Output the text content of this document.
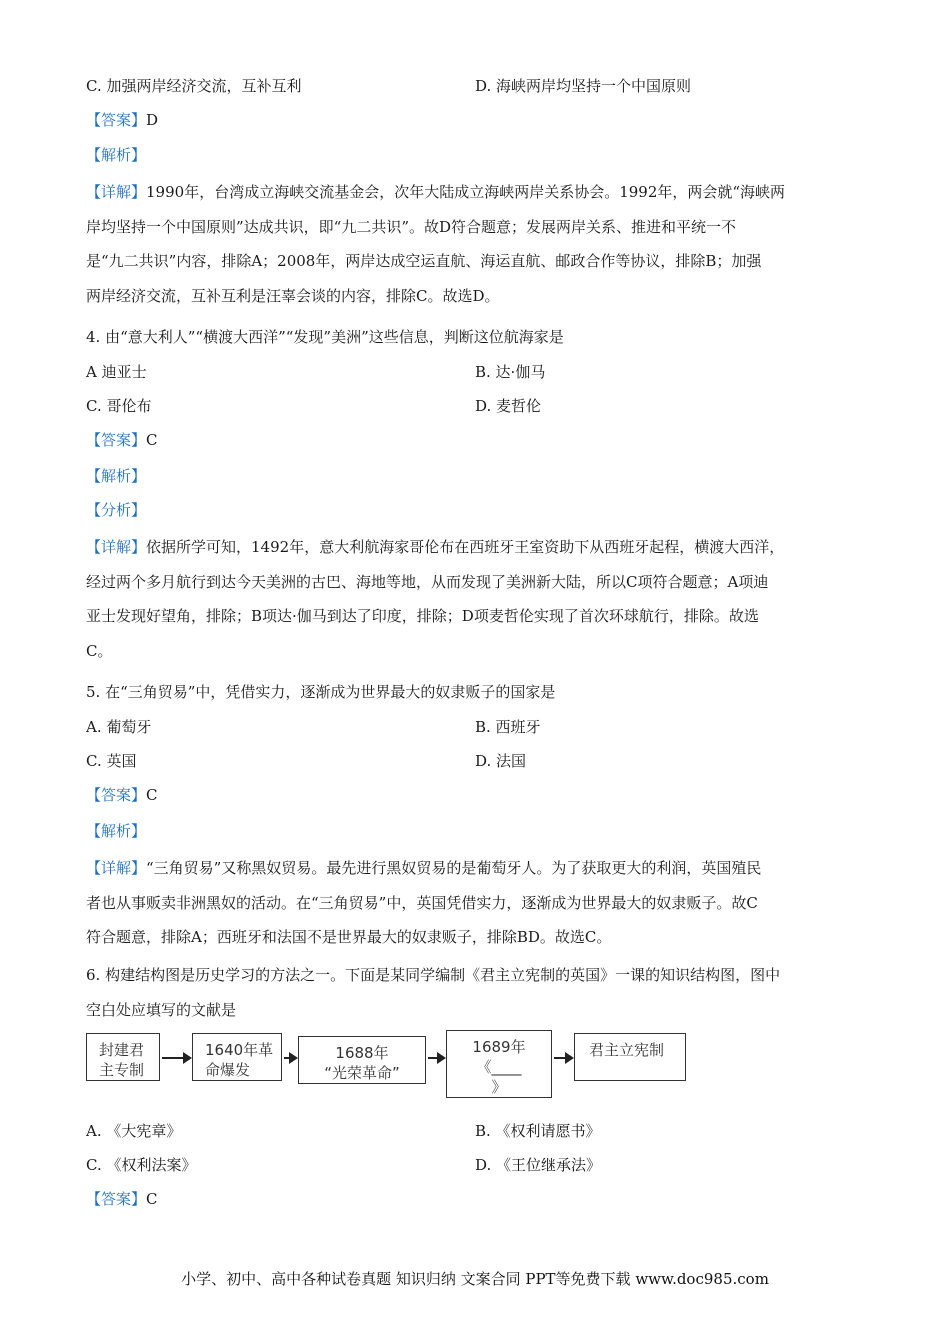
C. 加强两岸经济交流，互补互利	D. 海峡两岸均坚持一个中国原则
【答案】D
【解析】
【详解】1990年，台湾成立海峡交流基金会，次年大陆成立海峡两岸关系协会。1992年，两会就“海峡两
岸均坚持一个中国原则”达成共识，即“九二共识”。故D符合题意；发展两岸关系、推进和平统一不
是“九二共识”内容，排除A；2008年，两岸达成空运直航、海运直航、邮政合作等协议，排除B；加强
两岸经济交流，互补互利是汪辜会谈的内容，排除C。故选D。
4. 由“意大利人”“横渡大西洋”“发现”美洲”这些信息，判断这位航海家是
A 迪亚士	B. 达·伽马
C. 哥伦布	D. 麦哲伦
【答案】C
【解析】
【分析】
【详解】依据所学可知，1492年，意大利航海家哥伦布在西班牙王室资助下从西班牙起程，横渡大西洋，
经过两个多月航行到达今天美洲的古巴、海地等地，从而发现了美洲新大陆，所以C项符合题意；A项迪
亚士发现好望角，排除；B项达·伽马到达了印度，排除；D项麦哲伦实现了首次环球航行，排除。故选
C。
5. 在“三角贸易”中，凭借实力，逐渐成为世界最大的奴隶贩子的国家是
A. 葡萄牙	B. 西班牙
C. 英国	D. 法国
【答案】C
【解析】
【详解】“三角贸易”又称黑奴贸易。最先进行黑奴贸易的是葡萄牙人。为了获取更大的利润，英国殖民
者也从事贩卖非洲黑奴的活动。在“三角贸易”中，英国凭借实力，逐渐成为世界最大的奴隶贩子。故C
符合题意，排除A；西班牙和法国不是世界最大的奴隶贩子，排除BD。故选C。
6. 构建结构图是历史学习的方法之一。下面是某同学编制《君主立宪制的英国》一课的知识结构图，图中
空白处应填写的文献是
封建君
主专制
1640年革
命爆发
1688年
“光荣革命”
1689年
《____
》
君主立宪制
A. 《大宪章》	B. 《权利请愿书》
C. 《权利法案》	D. 《王位继承法》
【答案】C
小学、初中、高中各种试卷真题 知识归纳 文案合同 PPT等免费下载 www.doc985.com
